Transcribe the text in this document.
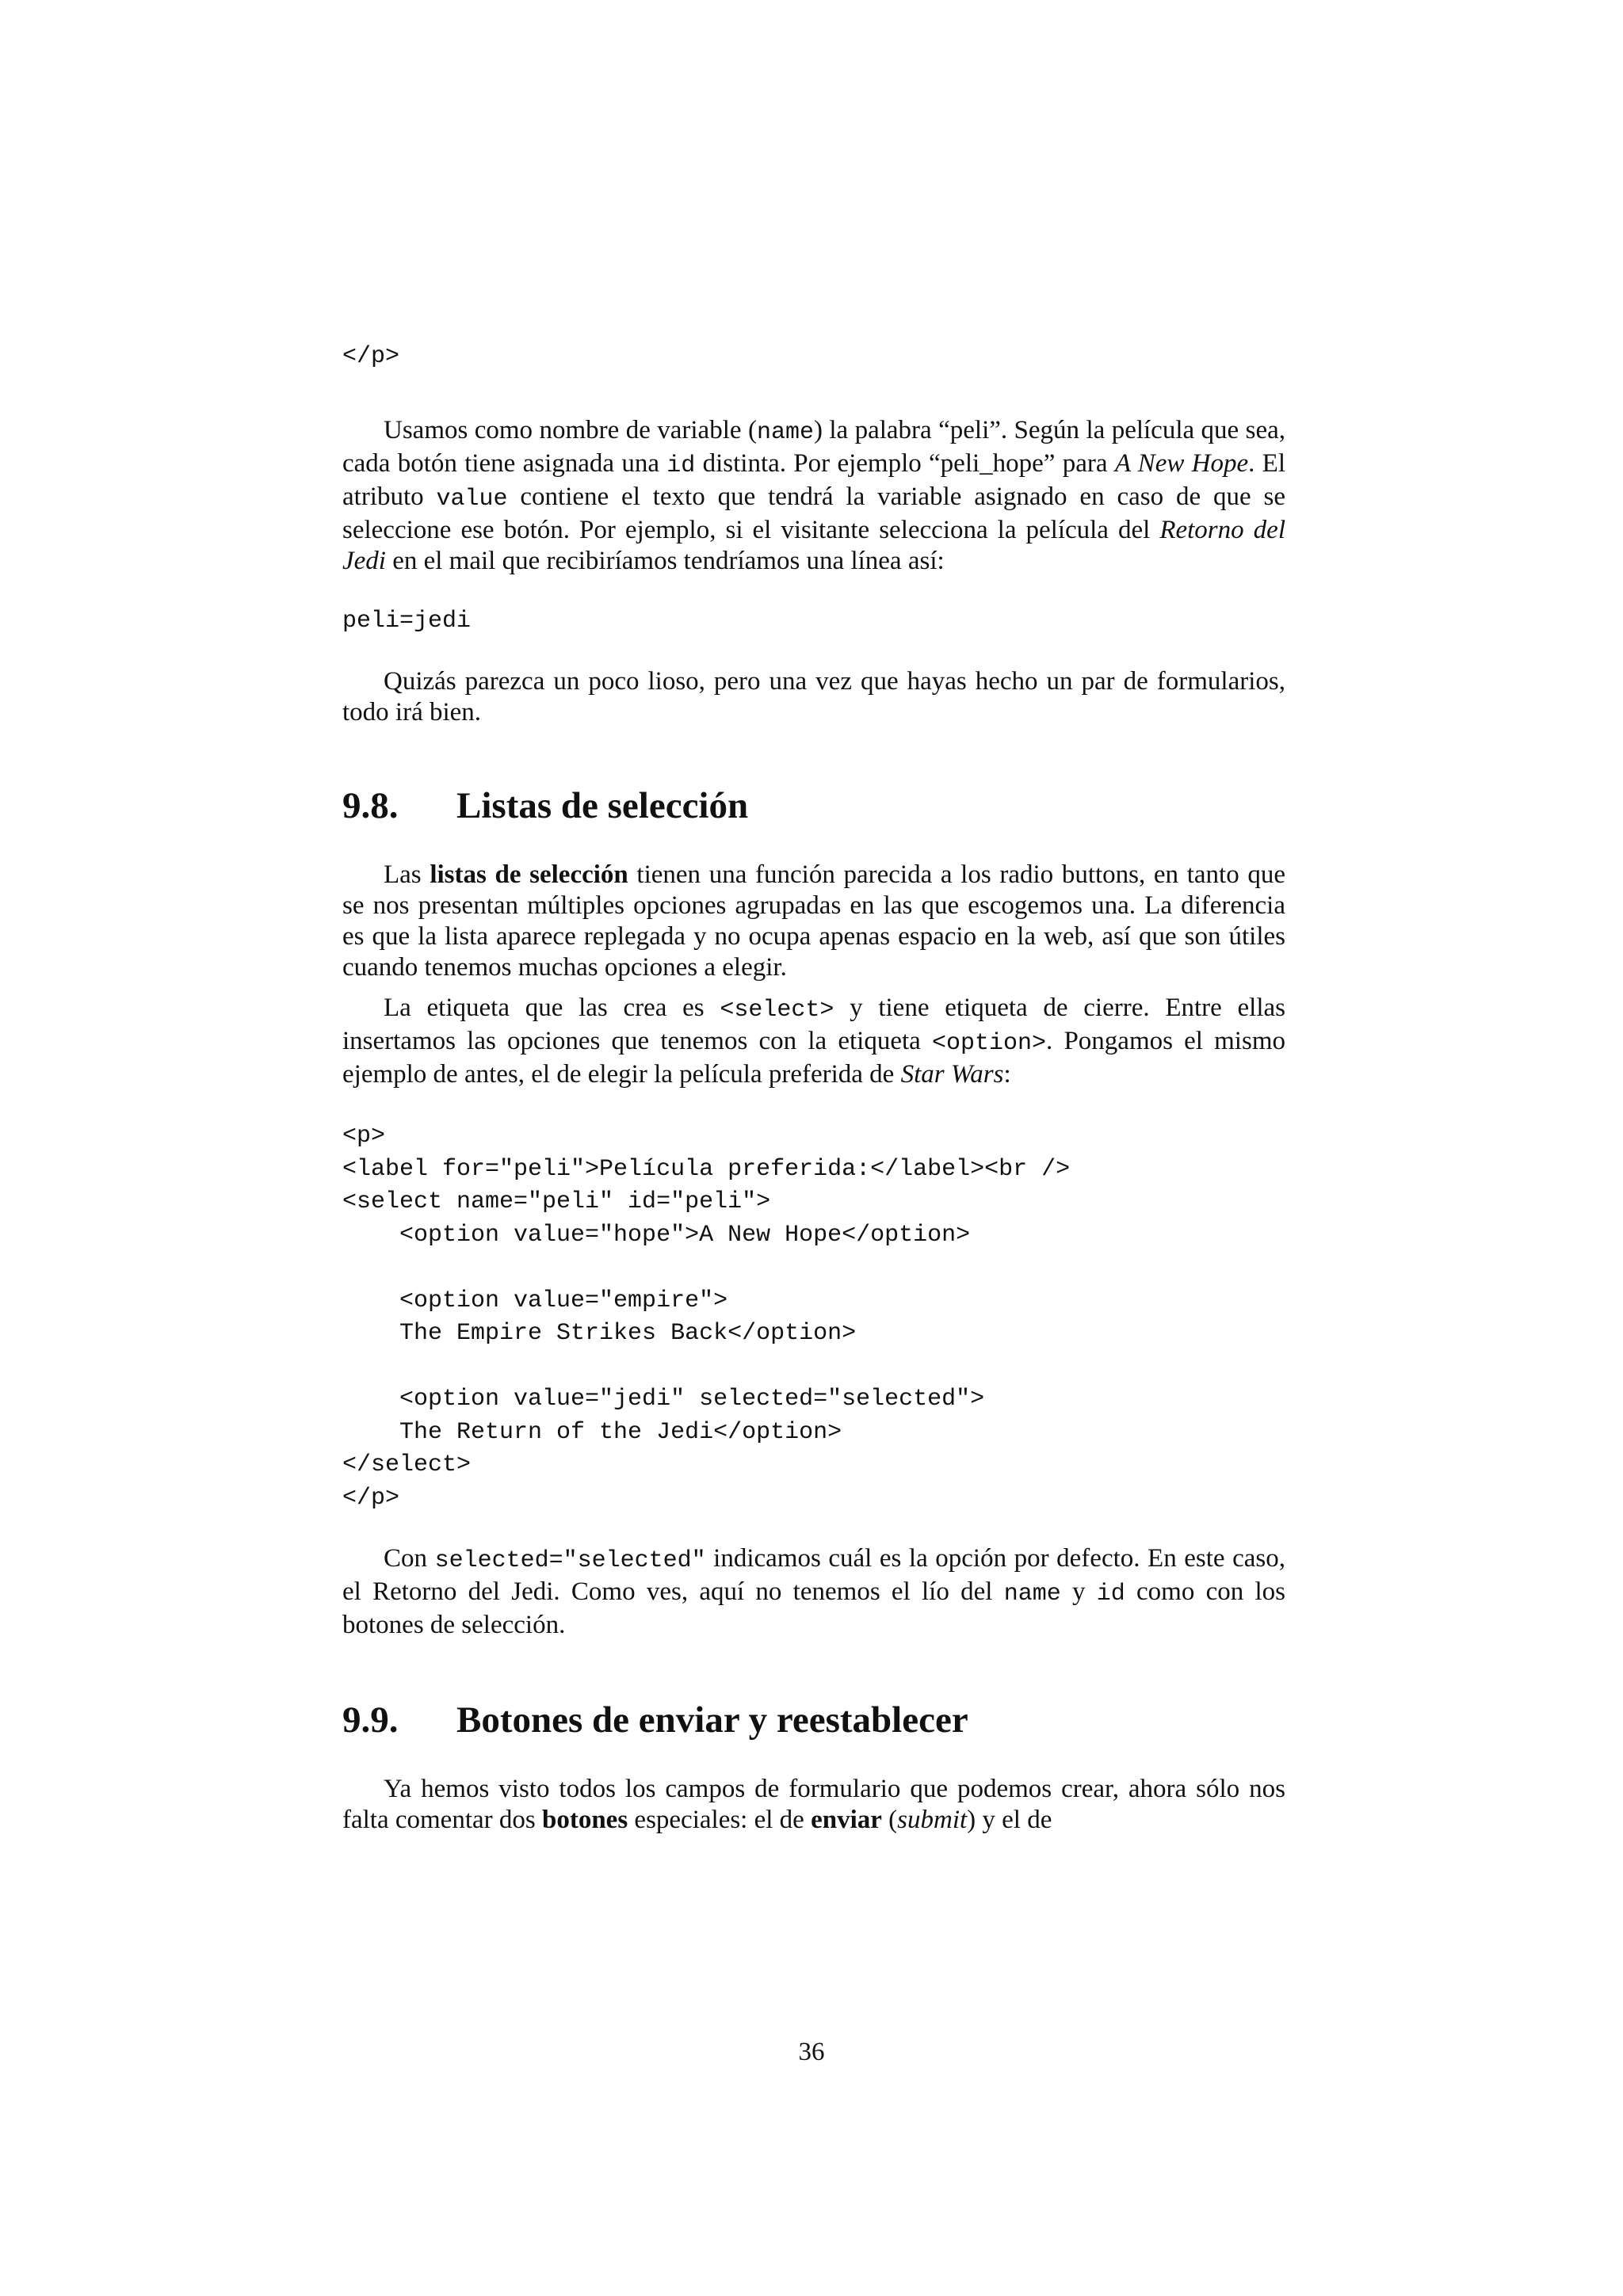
</p>

Usamos como nombre de variable (name) la palabra “peli”. Según la película que sea, cada botón tiene asignada una id distinta. Por ejemplo “peli_hope” para A New Hope. El atributo value contiene el texto que tendrá la variable asignado en caso de que se seleccione ese botón. Por ejemplo, si el visitante selecciona la película del Retorno del Jedi en el mail que recibiríamos tendríamos una línea así:

peli=jedi

Quizás parezca un poco lioso, pero una vez que hayas hecho un par de formularios, todo irá bien.

9.8.	Listas de selección

Las listas de selección tienen una función parecida a los radio buttons, en tanto que se nos presentan múltiples opciones agrupadas en las que escogemos una. La diferencia es que la lista aparece replegada y no ocupa apenas espacio en la web, así que son útiles cuando tenemos muchas opciones a elegir.

La etiqueta que las crea es <select> y tiene etiqueta de cierre. Entre ellas insertamos las opciones que tenemos con la etiqueta <option>. Pongamos el mismo ejemplo de antes, el de elegir la película preferida de Star Wars:

<p>
<label for="peli">Película preferida:</label><br />
<select name="peli" id="peli">
<option value="hope">A New Hope</option>

<option value="empire">
The Empire Strikes Back</option>

<option value="jedi" selected="selected">
The Return of the Jedi</option>
</select>
</p>

Con selected="selected" indicamos cuál es la opción por defecto. En este caso, el Retorno del Jedi. Como ves, aquí no tenemos el lío del name y id como con los botones de selección.

9.9.	Botones de enviar y reestablecer

Ya hemos visto todos los campos de formulario que podemos crear, ahora sólo nos falta comentar dos botones especiales: el de enviar (submit) y el de

36
